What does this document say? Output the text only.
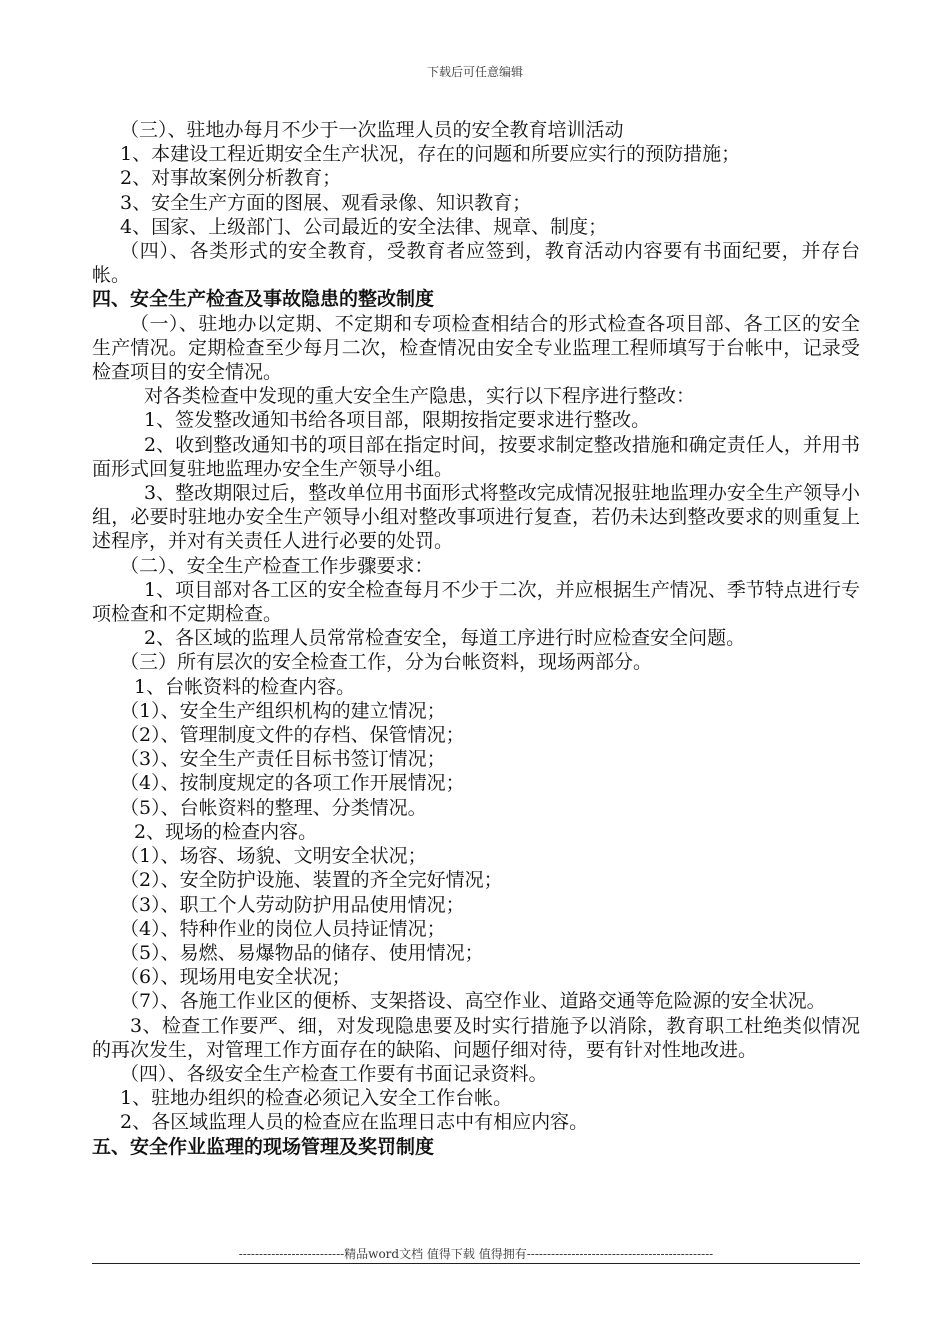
下载后可任意编辑
（三）、驻地办每月不少于一次监理人员的安全教育培训活动
1、本建设工程近期安全生产状况，存在的问题和所要应实行的预防措施；
2、对事故案例分析教育；
3、安全生产方面的图展、观看录像、知识教育；
4、国家、上级部门、公司最近的安全法律、规章、制度；
（四）、各类形式的安全教育，受教育者应签到，教育活动内容要有书面纪要，并存台帐。
四、安全生产检查及事故隐患的整改制度
（一）、驻地办以定期、不定期和专项检查相结合的形式检查各项目部、各工区的安全生产情况。定期检查至少每月二次，检查情况由安全专业监理工程师填写于台帐中，记录受检查项目的安全情况。
对各类检查中发现的重大安全生产隐患，实行以下程序进行整改：
1、签发整改通知书给各项目部，限期按指定要求进行整改。
2、收到整改通知书的项目部在指定时间，按要求制定整改措施和确定责任人，并用书面形式回复驻地监理办安全生产领导小组。
3、整改期限过后，整改单位用书面形式将整改完成情况报驻地监理办安全生产领导小组，必要时驻地办安全生产领导小组对整改事项进行复查，若仍未达到整改要求的则重复上述程序，并对有关责任人进行必要的处罚。
（二）、安全生产检查工作步骤要求：
1、项目部对各工区的安全检查每月不少于二次，并应根据生产情况、季节特点进行专项检查和不定期检查。
2、各区域的监理人员常常检查安全，每道工序进行时应检查安全问题。
（三）所有层次的安全检查工作，分为台帐资料，现场两部分。
1、台帐资料的检查内容。
（1）、安全生产组织机构的建立情况；
（2）、管理制度文件的存档、保管情况；
（3）、安全生产责任目标书签订情况；
（4）、按制度规定的各项工作开展情况；
（5）、台帐资料的整理、分类情况。
2、现场的检查内容。
（1）、场容、场貌、文明安全状况；
（2）、安全防护设施、装置的齐全完好情况；
（3）、职工个人劳动防护用品使用情况；
（4）、特种作业的岗位人员持证情况；
（5）、易燃、易爆物品的储存、使用情况；
（6）、现场用电安全状况；
（7）、各施工作业区的便桥、支架搭设、高空作业、道路交通等危险源的安全状况。
3、检查工作要严、细，对发现隐患要及时实行措施予以消除，教育职工杜绝类似情况的再次发生，对管理工作方面存在的缺陷、问题仔细对待，要有针对性地改进。
（四）、各级安全生产检查工作要有书面记录资料。
1、驻地办组织的检查必须记入安全工作台帐。
2、各区域监理人员的检查应在监理日志中有相应内容。
五、安全作业监理的现场管理及奖罚制度
--------------------------精品word文档 值得下载 值得拥有----------------------------------------------
